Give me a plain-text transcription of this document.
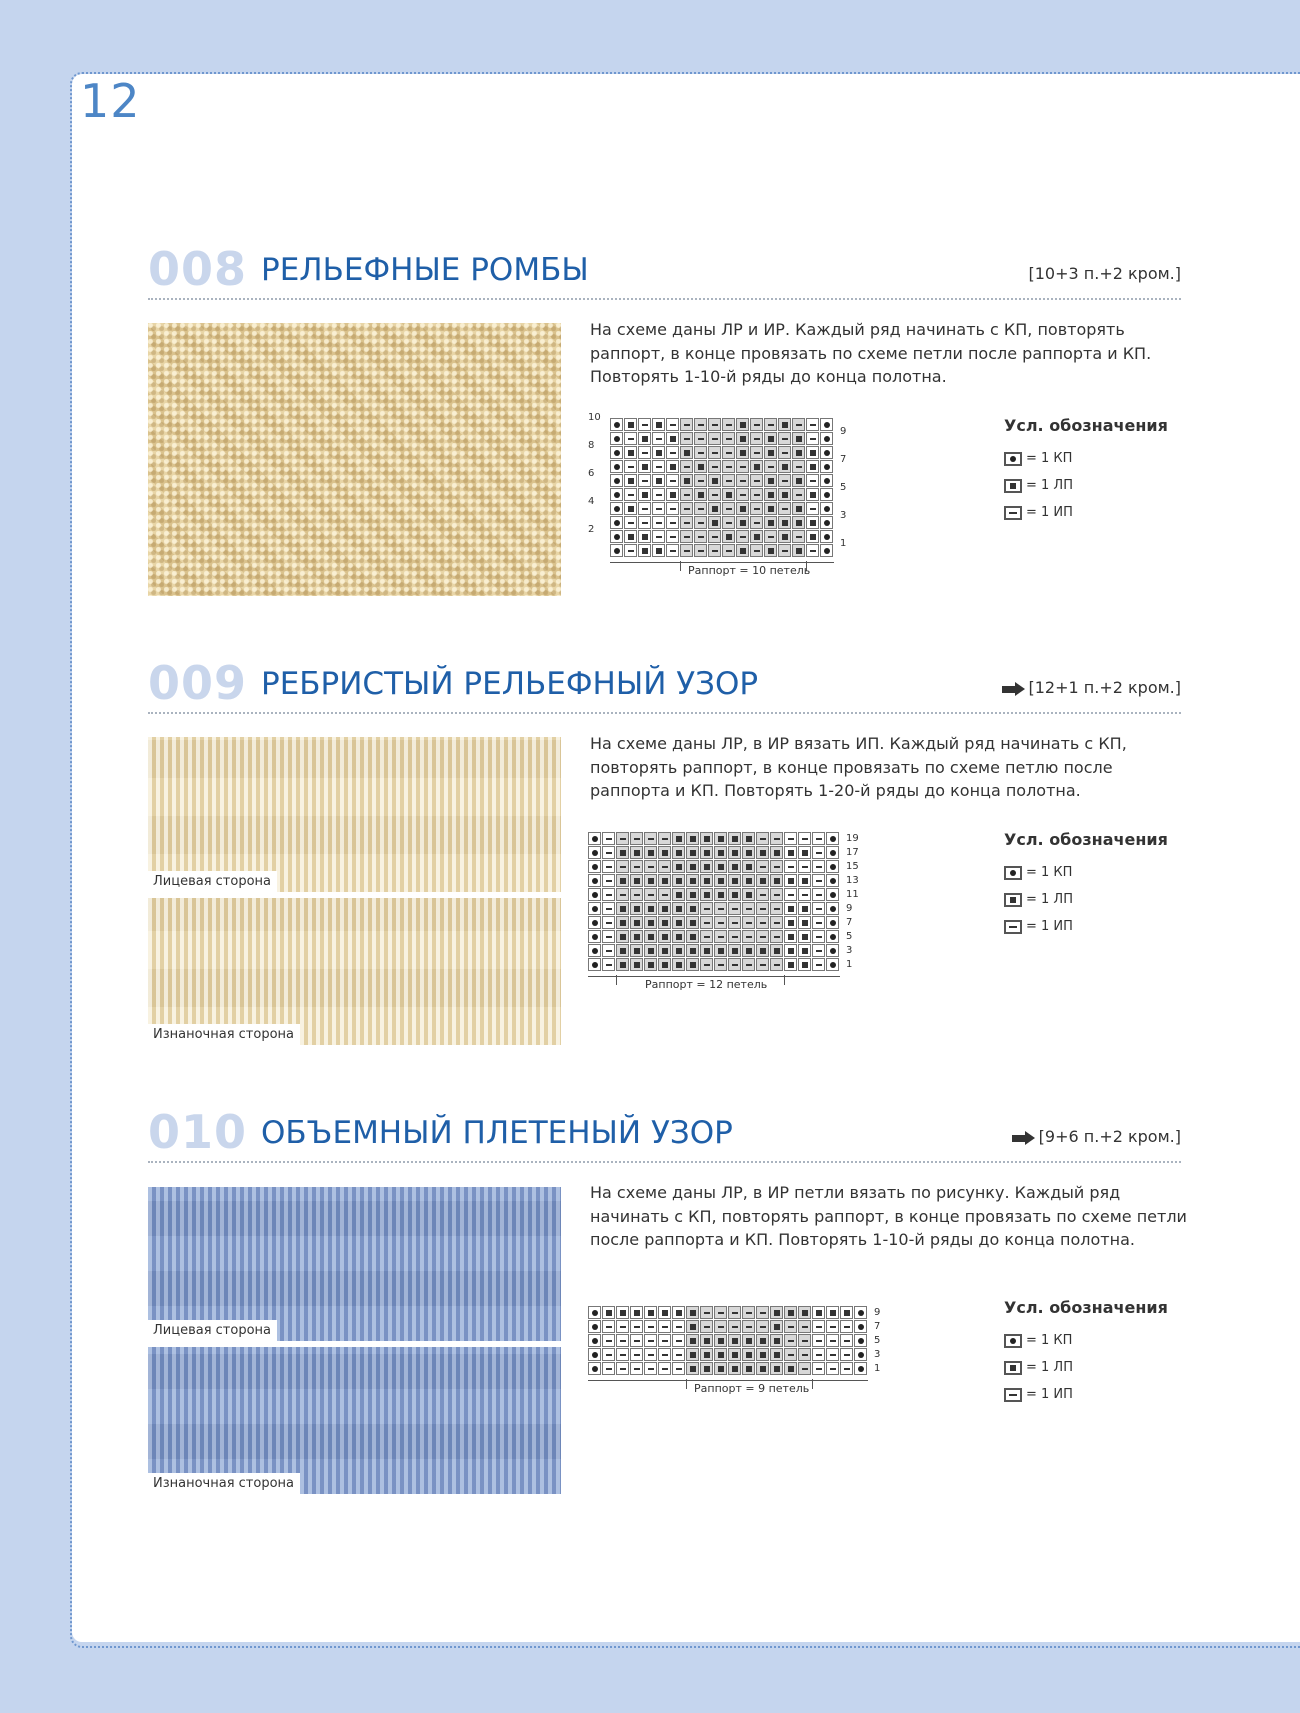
12
008 РЕЛЬЕФНЫЕ РОМБЫ	[10+3 п.+2 кром.]
На схеме даны ЛР и ИР. Каждый ряд начинать с КП, повторять раппорт, в конце провязать по схеме петли после раппорта и КП. Повторять 1-10-й ряды до конца полотна.
9
7
5
3
1
10
8
6
4
2
Раппорт = 10 петель
Усл. обозначения
= 1 КП
= 1 ЛП
= 1 ИП
009 РЕБРИСТЫЙ РЕЛЬЕФНЫЙ УЗОР	[12+1 п.+2 кром.]
Лицевая сторона
Изнаночная сторона
На схеме даны ЛР, в ИР вязать ИП. Каждый ряд начинать с КП, повторять раппорт, в конце провязать по схеме петлю после раппорта и КП. Повторять 1-20-й ряды до конца полотна.
19
17
15
13
11
9
7
5
3
1
Раппорт = 12 петель
Усл. обозначения
= 1 КП
= 1 ЛП
= 1 ИП
010 ОБЪЕМНЫЙ ПЛЕТЕНЫЙ УЗОР	[9+6 п.+2 кром.]
Лицевая сторона
Изнаночная сторона
На схеме даны ЛР, в ИР петли вязать по рисунку. Каждый ряд начинать с КП, повторять раппорт, в конце провязать по схеме петли после раппорта и КП. Повторять 1-10-й ряды до конца полотна.
9
7
5
3
1
Раппорт = 9 петель
Усл. обозначения
= 1 КП
= 1 ЛП
= 1 ИП
